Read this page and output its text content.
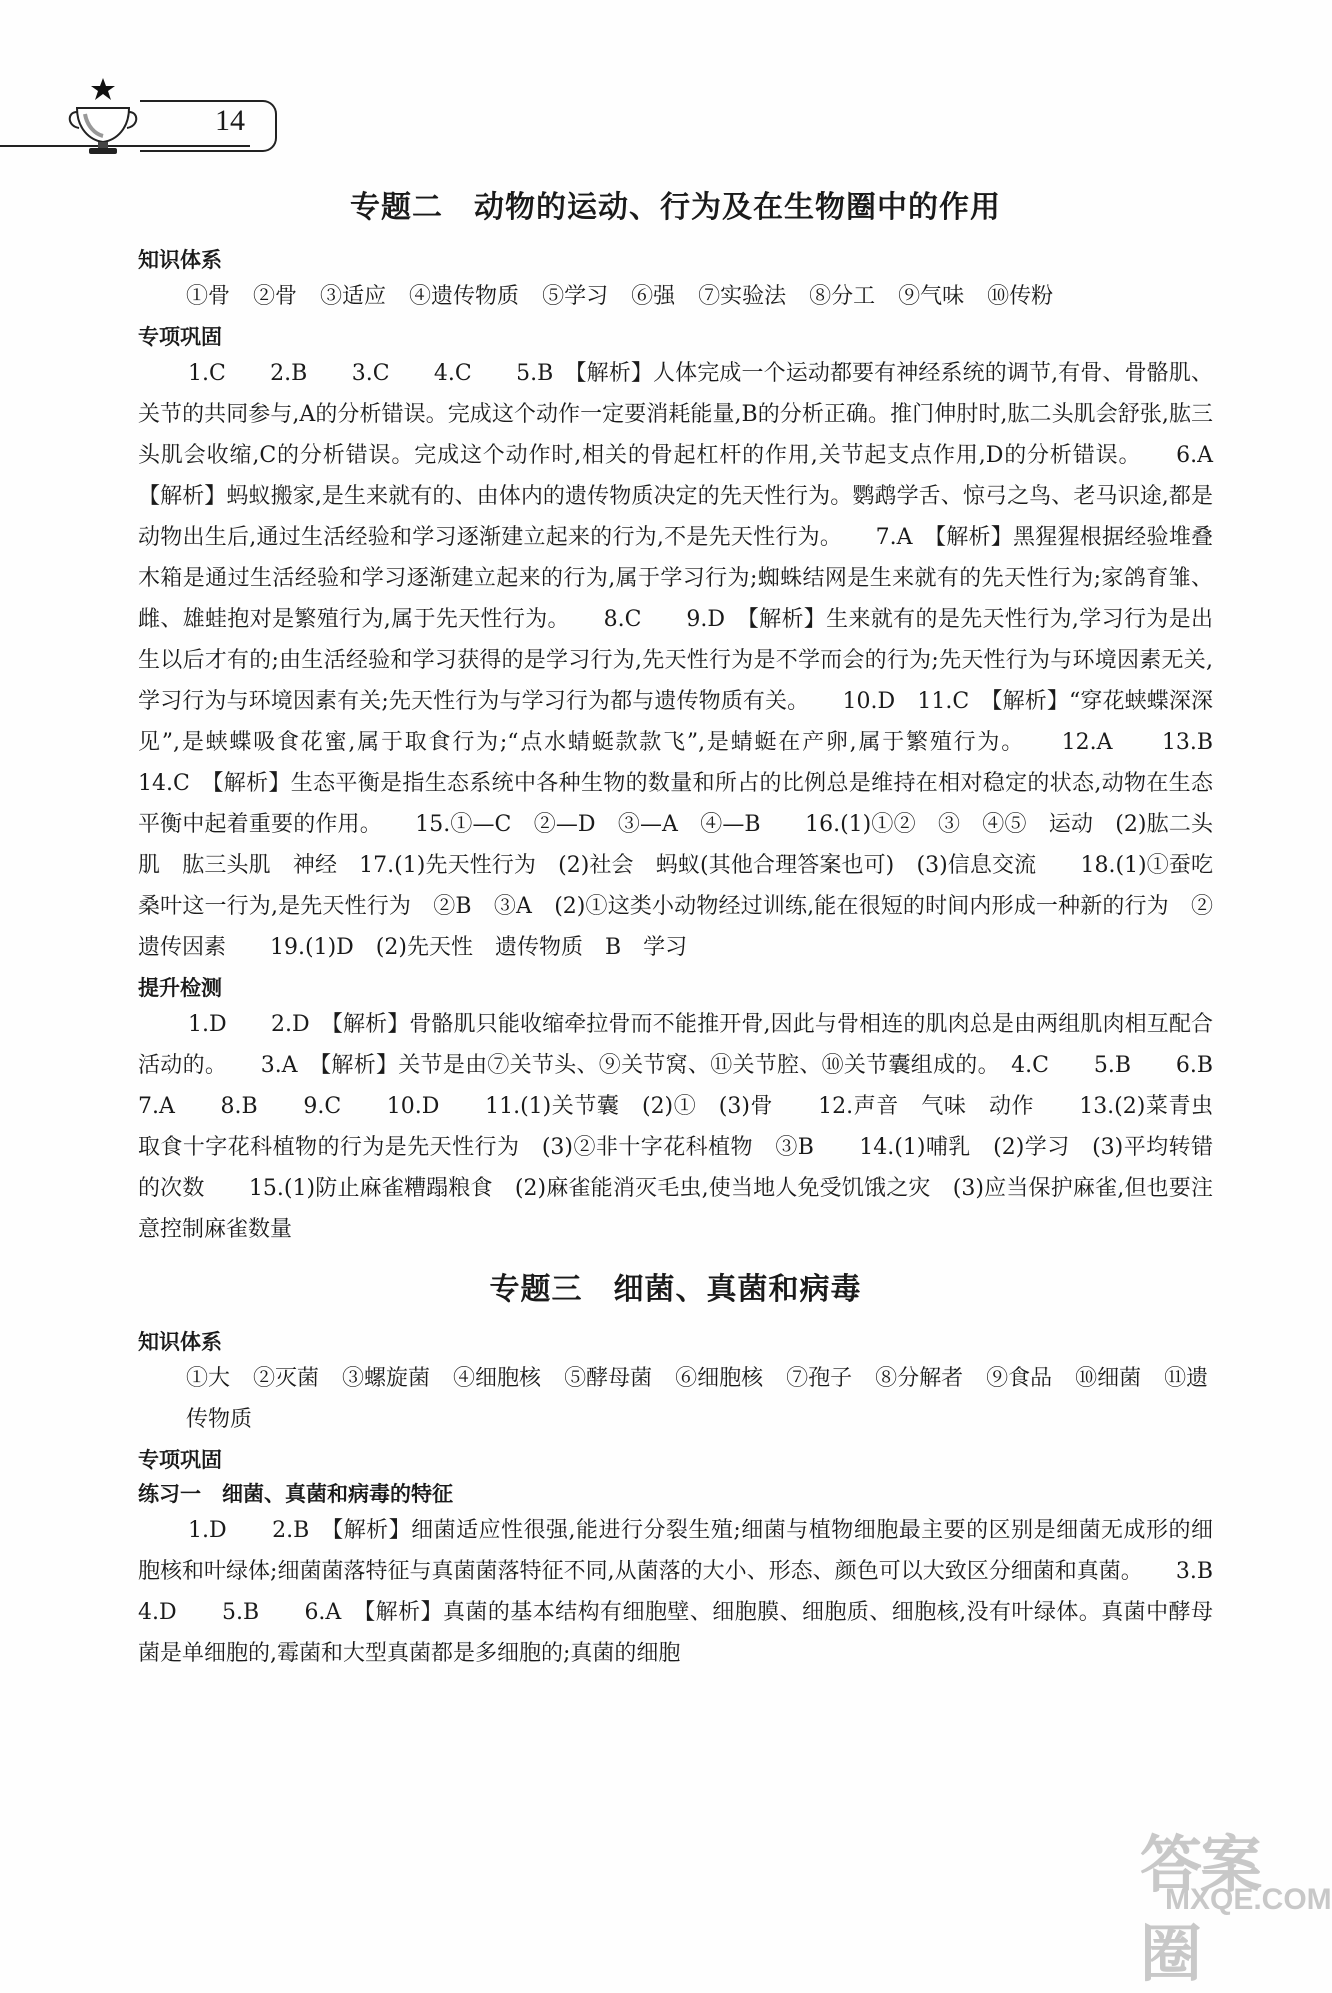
14
专题二　动物的运动、行为及在生物圈中的作用
知识体系
①骨 ②骨 ③适应 ④遗传物质 ⑤学习 ⑥强 ⑦实验法 ⑧分工 ⑨气味 ⑩传粉
专项巩固

1.C　　2.B　　3.C　　4.C　　5.B　【解析】人体完成一个运动都要有神经系统的调节,有骨、骨骼肌、关节的共同参与,A的分析错误。完成这个动作一定要消耗能量,B的分析正确。推门伸肘时,肱二头肌会舒张,肱三头肌会收缩,C的分析错误。完成这个动作时,相关的骨起杠杆的作用,关节起支点作用,D的分析错误。　　6.A　【解析】蚂蚁搬家,是生来就有的、由体内的遗传物质决定的先天性行为。鹦鹉学舌、惊弓之鸟、老马识途,都是动物出生后,通过生活经验和学习逐渐建立起来的行为,不是先天性行为。　　7.A　【解析】黑猩猩根据经验堆叠木箱是通过生活经验和学习逐渐建立起来的行为,属于学习行为;蜘蛛结网是生来就有的先天性行为;家鸽育雏、雌、雄蛙抱对是繁殖行为,属于先天性行为。　　8.C　　9.D　【解析】生来就有的是先天性行为,学习行为是出生以后才有的;由生活经验和学习获得的是学习行为,先天性行为是不学而会的行为;先天性行为与环境因素无关,学习行为与环境因素有关;先天性行为与学习行为都与遗传物质有关。　　10.D　11.C　【解析】“穿花蛱蝶深深见”,是蛱蝶吸食花蜜,属于取食行为;“点水蜻蜓款款飞”,是蜻蜓在产卵,属于繁殖行为。　　12.A　　13.B　　14.C　【解析】生态平衡是指生态系统中各种生物的数量和所占的比例总是维持在相对稳定的状态,动物在生态平衡中起着重要的作用。　　15.①—C　②—D　③—A　④—B　　16.(1)①②　③　④⑤　运动　(2)肱二头肌　肱三头肌　神经　17.(1)先天性行为　(2)社会　蚂蚁(其他合理答案也可)　(3)信息交流　　18.(1)①蚕吃桑叶这一行为,是先天性行为　②B　③A　(2)①这类小动物经过训练,能在很短的时间内形成一种新的行为　②遗传因素　　19.(1)D　(2)先天性　遗传物质　B　学习

提升检测

1.D　　2.D　【解析】骨骼肌只能收缩牵拉骨而不能推开骨,因此与骨相连的肌肉总是由两组肌肉相互配合活动的。　　3.A　【解析】关节是由⑦关节头、⑨关节窝、⑪关节腔、⑩关节囊组成的。　4.C　　5.B　　6.B　　7.A　　8.B　　9.C　　10.D　　11.(1)关节囊　(2)①　(3)骨　　12.声音　气味　动作　　13.(2)菜青虫取食十字花科植物的行为是先天性行为　(3)②非十字花科植物　③B　　14.(1)哺乳　(2)学习　(3)平均转错的次数　　15.(1)防止麻雀糟蹋粮食　(2)麻雀能消灭毛虫,使当地人免受饥饿之灾　(3)应当保护麻雀,但也要注意控制麻雀数量

专题三　细菌、真菌和病毒
知识体系
①大 ②灭菌 ③螺旋菌 ④细胞核 ⑤酵母菌 ⑥细胞核 ⑦孢子 ⑧分解者 ⑨食品 ⑩细菌 ⑪遗传物质
专项巩固
练习一　细菌、真菌和病毒的特征

1.D　　2.B　【解析】细菌适应性很强,能进行分裂生殖;细菌与植物细胞最主要的区别是细菌无成形的细胞核和叶绿体;细菌菌落特征与真菌菌落特征不同,从菌落的大小、形态、颜色可以大致区分细菌和真菌。　　3.B　　4.D　　5.B　　6.A　【解析】真菌的基本结构有细胞壁、细胞膜、细胞质、细胞核,没有叶绿体。真菌中酵母菌是单细胞的,霉菌和大型真菌都是多细胞的;真菌的细胞

答案圈
MXQE.COM
